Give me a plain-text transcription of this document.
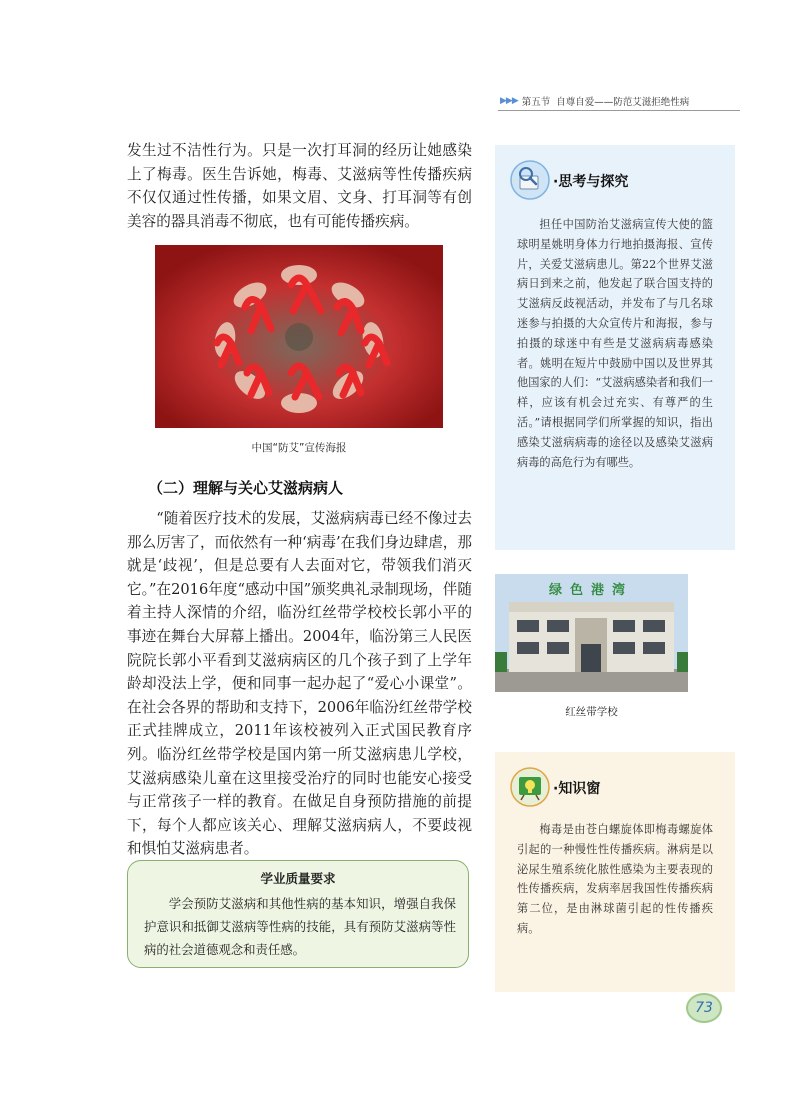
▶▶▶ 第五节 自尊自爱——防范艾滋拒绝性病

发生过不洁性行为。只是一次打耳洞的经历让她感染上了梅毒。医生告诉她，梅毒、艾滋病等性传播疾病不仅仅通过性传播，如果文眉、文身、打耳洞等有创美容的器具消毒不彻底，也有可能传播疾病。

中国“防艾”宣传海报
（二）理解与关心艾滋病病人

“随着医疗技术的发展，艾滋病病毒已经不像过去那么厉害了，而依然有一种‘病毒’在我们身边肆虐，那就是‘歧视’，但是总要有人去面对它，带领我们消灭它。”在2016年度“感动中国”颁奖典礼录制现场，伴随着主持人深情的介绍，临汾红丝带学校校长郭小平的事迹在舞台大屏幕上播出。2004年，临汾第三人民医院院长郭小平看到艾滋病病区的几个孩子到了上学年龄却没法上学，便和同事一起办起了“爱心小课堂”。在社会各界的帮助和支持下，2006年临汾红丝带学校正式挂牌成立，2011年该校被列入正式国民教育序列。临汾红丝带学校是国内第一所艾滋病患儿学校，艾滋病感染儿童在这里接受治疗的同时也能安心接受与正常孩子一样的教育。在做足自身预防措施的前提下，每个人都应该关心、理解艾滋病病人，不要歧视和惧怕艾滋病患者。

学业质量要求
学会预防艾滋病和其他性病的基本知识，增强自我保护意识和抵御艾滋病等性病的技能，具有预防艾滋病等性病的社会道德观念和责任感。
·思考与探究
担任中国防治艾滋病宣传大使的篮球明星姚明身体力行地拍摄海报、宣传片，关爱艾滋病患儿。第22个世界艾滋病日到来之前，他发起了联合国支持的艾滋病反歧视活动，并发布了与几名球迷参与拍摄的大众宣传片和海报，参与拍摄的球迷中有些是艾滋病病毒感染者。姚明在短片中鼓励中国以及世界其他国家的人们：“艾滋病感染者和我们一样，应该有机会过充实、有尊严的生活。”请根据同学们所掌握的知识，指出感染艾滋病病毒的途径以及感染艾滋病病毒的高危行为有哪些。
绿色港湾
红丝带学校
·知识窗
梅毒是由苍白螺旋体即梅毒螺旋体引起的一种慢性性传播疾病。淋病是以泌尿生殖系统化脓性感染为主要表现的性传播疾病，发病率居我国性传播疾病第二位，是由淋球菌引起的性传播疾病。
73
